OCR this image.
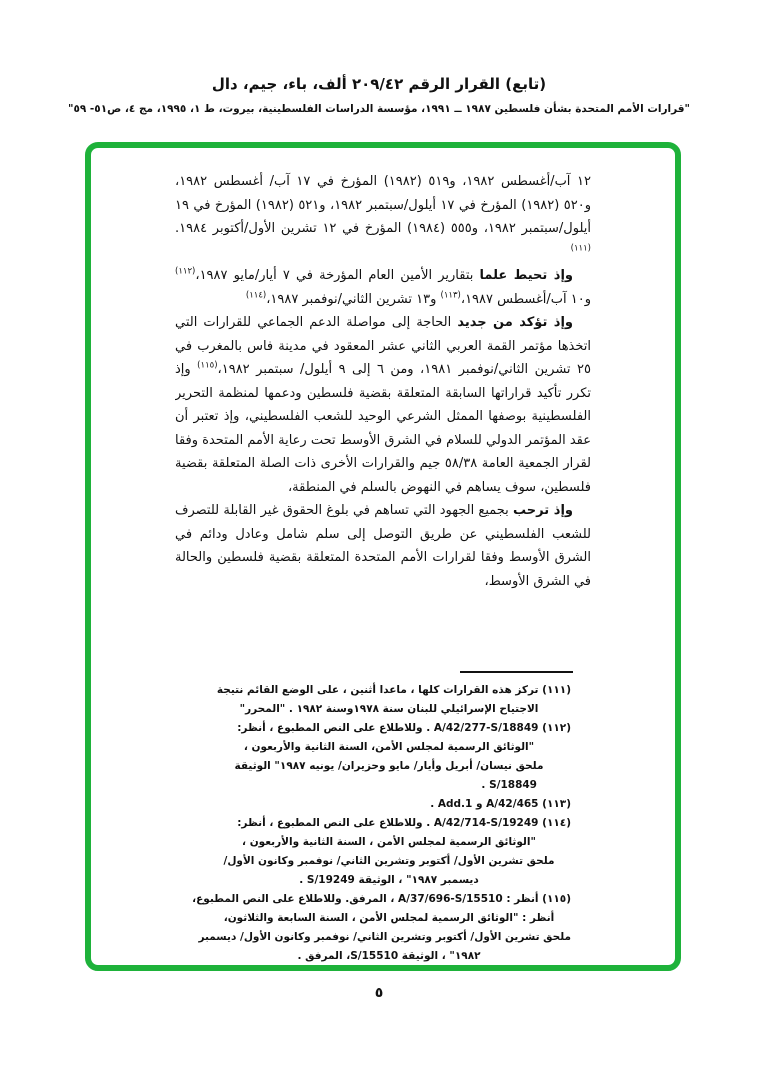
(تابع) القرار الرقم ٢٠٩/٤٢ ألف، باء، جيم، دال
"قرارات الأمم المتحدة بشأن فلسطين ١٩٨٧ ــ ١٩٩١، مؤسسة الدراسات الفلسطينية، بيروت، ط ١، ١٩٩٥، مج ٤، ص٥١- ٥٩"

١٢ آب/أغسطس ١٩٨٢، و٥١٩ (١٩٨٢) المؤرخ في ١٧ آب/ أغسطس ١٩٨٢، و٥٢٠ (١٩٨٢) المؤرخ في ١٧ أيلول/سبتمبر ١٩٨٢، و٥٢١ (١٩٨٢) المؤرخ في ١٩ أيلول/سبتمبر ١٩٨٢، و٥٥٥ (١٩٨٤) المؤرخ في ١٢ تشرين الأول/أكتوبر ١٩٨٤.$^{(١١١)}$

وإذ تحيط علما بتقارير الأمين العام المؤرخة في ٧ أيار/مايو ١٩٨٧،$^{(١١٢)}$ و١٠ آب/أغسطس ١٩٨٧،$^{(١١٣)}$ و١٣ تشرين الثاني/نوفمبر ١٩٨٧،$^{(١١٤)}$

وإذ تؤكد من جديد الحاجة إلى مواصلة الدعم الجماعي للقرارات التي اتخذها مؤتمر القمة العربي الثاني عشر المعقود في مدينة فاس بالمغرب في ٢٥ تشرين الثاني/نوفمبر ١٩٨١، ومن ٦ إلى ٩ أيلول/ سبتمبر ١٩٨٢،$^{(١١٥)}$ وإذ تكرر تأكيد قراراتها السابقة المتعلقة بقضية فلسطين ودعمها لمنظمة التحرير الفلسطينية بوصفها الممثل الشرعي الوحيد للشعب الفلسطيني، وإذ تعتبر أن عقد المؤتمر الدولي للسلام في الشرق الأوسط تحت رعاية الأمم المتحدة وفقا لقرار الجمعية العامة ٥٨/٣٨ جيم والقرارات الأخرى ذات الصلة المتعلقة بقضية فلسطين، سوف يساهم في النهوض بالسلم في المنطقة،

وإذ ترحب بجميع الجهود التي تساهم في بلوغ الحقوق غير القابلة للتصرف للشعب الفلسطيني عن طريق التوصل إلى سلم شامل وعادل ودائم في الشرق الأوسط وفقا لقرارات الأمم المتحدة المتعلقة بقضية فلسطين والحالة في الشرق الأوسط،

(١١١) تركز هذه القرارات كلها ، ماعدا أثنين ، على الوضع القائم نتيجة
الاجتياح الإسرائيلي للبنان سنة ١٩٧٨وسنة ١٩٨٢ . "المحرر"
(١١٢) A/42/277-S/18849 . وللاطلاع على النص المطبوع ، أنظر:
"الوثائق الرسمية لمجلس الأمن، السنة الثانية والأربعون ،
ملحق نيسان/ أبريل وأيار/ مايو وحزيران/ يونيه ١٩٨٧" الوثيقة
S/18849 .
(١١٣) A/42/465 و Add.1 .
(١١٤) A/42/714-S/19249 . وللاطلاع على النص المطبوع ، أنظر:
"الوثائق الرسمية لمجلس الأمن ، السنة الثانية والأربعون ،
ملحق تشرين الأول/ أكتوبر وتشرين الثاني/ نوفمبر وكانون الأول/
ديسمبر ١٩٨٧" ، الوثيقة S/19249 .
(١١٥) أنظر : A/37/696-S/15510 ، المرفق. وللاطلاع على النص المطبوع،
أنظر : "الوثائق الرسمية لمجلس الأمن ، السنة السابعة والثلاثون،
ملحق تشرين الأول/ أكتوبر وتشرين الثاني/ نوفمبر وكانون الأول/ ديسمبر
١٩٨٢" ، الوثيقة S/15510، المرفق .
٥
